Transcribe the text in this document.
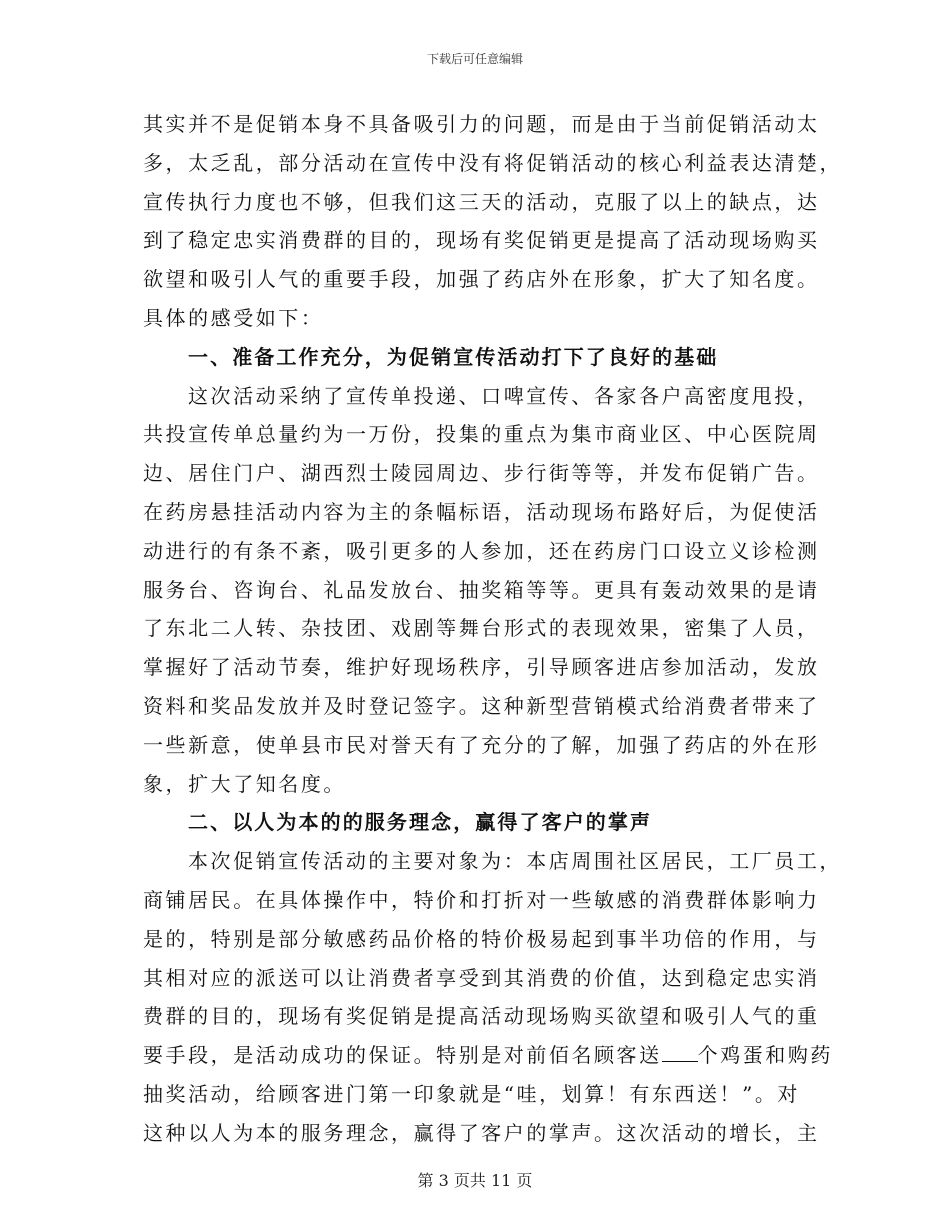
下载后可任意编辑
其实并不是促销本身不具备吸引力的问题，而是由于当前促销活动太
多，太乏乱，部分活动在宣传中没有将促销活动的核心利益表达清楚，
宣传执行力度也不够，但我们这三天的活动，克服了以上的缺点，达
到了稳定忠实消费群的目的，现场有奖促销更是提高了活动现场购买
欲望和吸引人气的重要手段，加强了药店外在形象，扩大了知名度。
具体的感受如下：
一、准备工作充分，为促销宣传活动打下了良好的基础
这次活动采纳了宣传单投递、口啤宣传、各家各户高密度甩投，
共投宣传单总量约为一万份，投集的重点为集市商业区、中心医院周
边、居住门户、湖西烈士陵园周边、步行街等等，并发布促销广告。
在药房悬挂活动内容为主的条幅标语，活动现场布路好后，为促使活
动进行的有条不紊，吸引更多的人参加，还在药房门口设立义诊检测
服务台、咨询台、礼品发放台、抽奖箱等等。更具有轰动效果的是请
了东北二人转、杂技团、戏剧等舞台形式的表现效果，密集了人员，
掌握好了活动节奏，维护好现场秩序，引导顾客进店参加活动，发放
资料和奖品发放并及时登记签字。这种新型营销模式给消费者带来了
一些新意，使单县市民对誉天有了充分的了解，加强了药店的外在形
象，扩大了知名度。
二、以人为本的的服务理念，赢得了客户的掌声
本次促销宣传活动的主要对象为：本店周围社区居民，工厂员工，
商铺居民。在具体操作中，特价和打折对一些敏感的消费群体影响力
是的，特别是部分敏感药品价格的特价极易起到事半功倍的作用，与
其相对应的派送可以让消费者享受到其消费的价值，达到稳定忠实消
费群的目的，现场有奖促销是提高活动现场购买欲望和吸引人气的重
要手段，是活动成功的保证。特别是对前佰名顾客送 个鸡蛋和购药
抽奖活动，给顾客进门第一印象就是“哇，划算！有东西送！”。对
这种以人为本的服务理念，赢得了客户的掌声。这次活动的增长，主
第 3 页共 11 页
